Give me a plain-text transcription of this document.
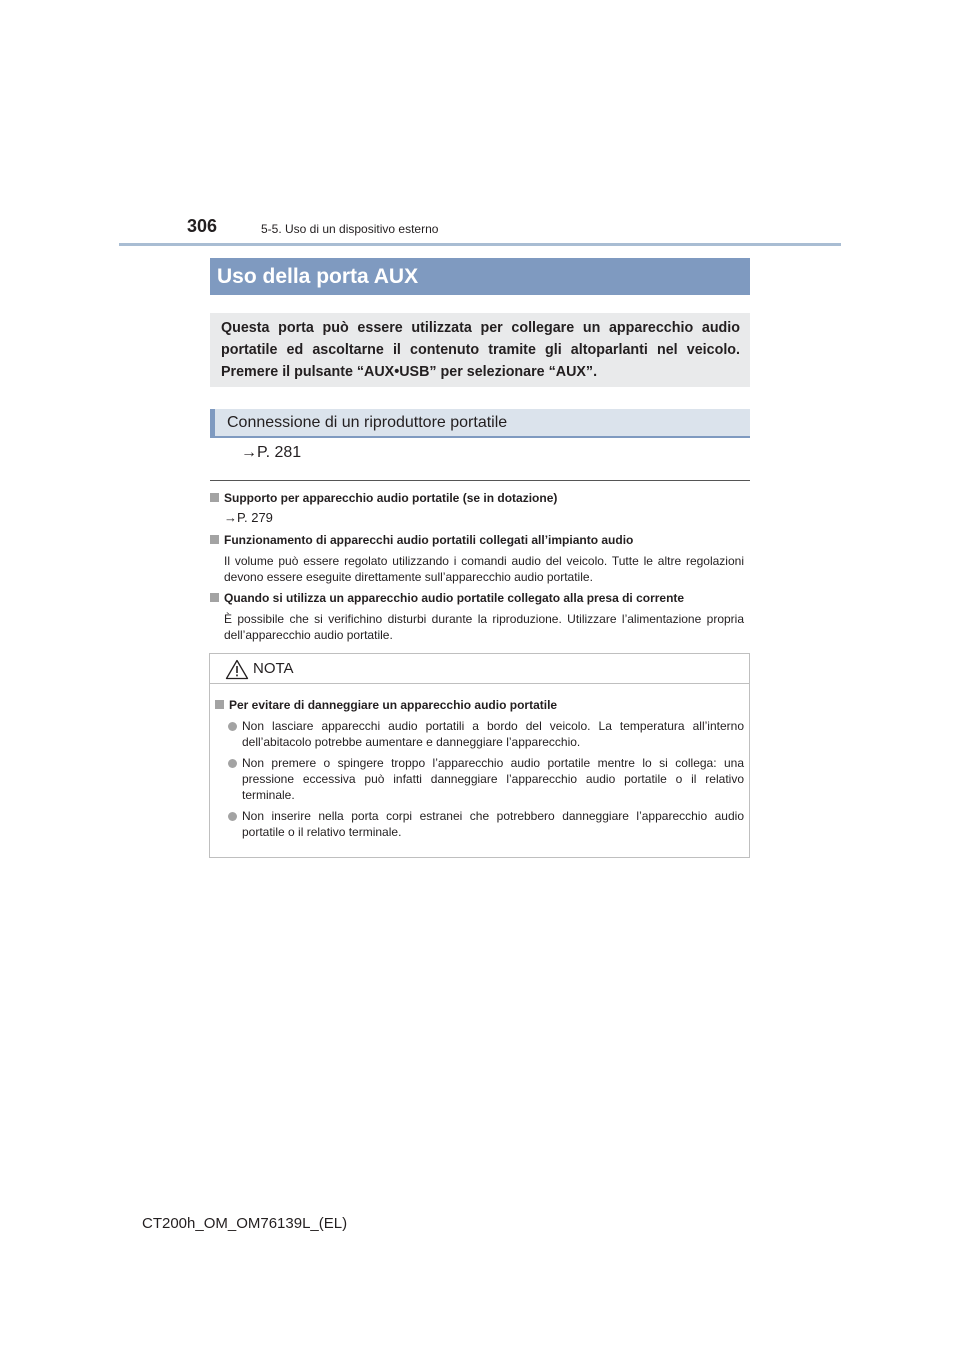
306	5-5. Uso di un dispositivo esterno
Uso della porta AUX
Questa porta può essere utilizzata per collegare un apparecchio audio portatile ed ascoltarne il contenuto tramite gli altoparlanti nel veicolo. Premere il pulsante “AUX•USB” per selezionare “AUX”.
Connessione di un riproduttore portatile
→P. 281
Supporto per apparecchio audio portatile (se in dotazione)
→P. 279
Funzionamento di apparecchi audio portatili collegati all’impianto audio
Il volume può essere regolato utilizzando i comandi audio del veicolo. Tutte le altre regolazioni devono essere eseguite direttamente sull’apparecchio audio portatile.
Quando si utilizza un apparecchio audio portatile collegato alla presa di corrente
È possibile che si verifichino disturbi durante la riproduzione. Utilizzare l’alimentazione propria dell’apparecchio audio portatile.
NOTA
Per evitare di danneggiare un apparecchio audio portatile
Non lasciare apparecchi audio portatili a bordo del veicolo. La temperatura all’interno dell’abitacolo potrebbe aumentare e danneggiare l’apparecchio.
Non premere o spingere troppo l’apparecchio audio portatile mentre lo si collega: una pressione eccessiva può infatti danneggiare l’apparecchio audio portatile o il relativo terminale.
Non inserire nella porta corpi estranei che potrebbero danneggiare l’apparecchio audio portatile o il relativo terminale.
CT200h_OM_OM76139L_(EL)
